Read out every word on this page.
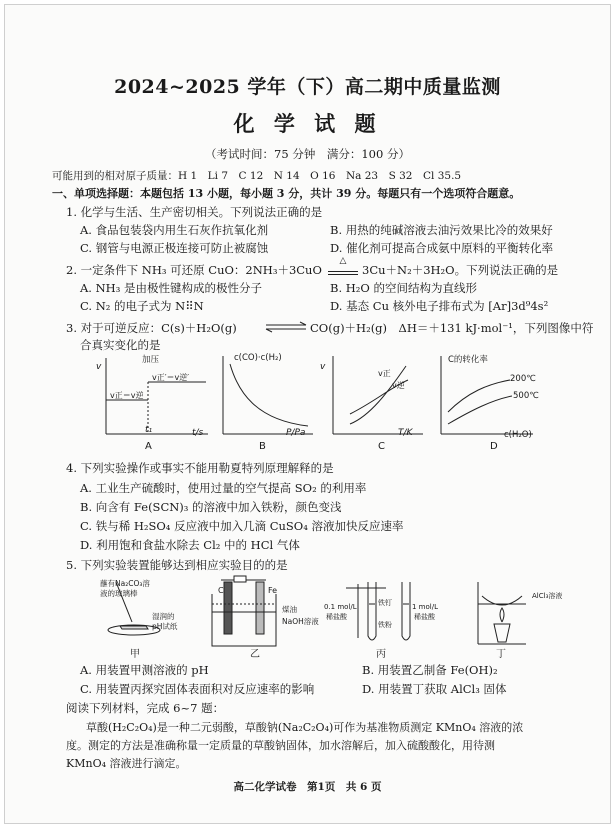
2024~2025 学年（下）高二期中质量监测
化 学 试 题
（考试时间：75 分钟　满分：100 分）
可能用到的相对原子质量：H 1　Li 7　C 12　N 14　O 16　Na 23　S 32　Cl 35.5
一、单项选择题：本题包括 13 小题，每小题 3 分，共计 39 分。每题只有一个选项符合题意。
1. 化学与生活、生产密切相关。下列说法正确的是
A. 食品包装袋内用生石灰作抗氧化剂	B. 用热的纯碱溶液去油污效果比冷的效果好
C. 钢管与电源正极连接可防止被腐蚀	D. 催化剂可提高合成氨中原料的平衡转化率
2. 一定条件下 NH₃ 可还原 CuO：2NH₃＋3CuO
△
3Cu＋N₂＋3H₂O。下列说法正确的是
A. NH₃ 是由极性键构成的极性分子	B. H₂O 的空间结构为直线形
C. N₂ 的电子式为 N⠿N	D. 基态 Cu 核外电子排布式为 [Ar]3d⁹4s²
3. 对于可逆反应：C(s)＋H₂O(g)	CO(g)＋H₂(g)　ΔH＝＋131 kJ·mol⁻¹，下列图像中符
合真实变化的是
v
加压
v正＝v逆
v正′＝v逆′
t₁	t/s
A
c(CO)·c(H₂)
P/Pa
B
v
v正
v逆
T/K
C
C的转化率
200℃
500℃
c(H₂O)
D
4. 下列实验操作或事实不能用勒夏特列原理解释的是
A. 工业生产硫酸时，使用过量的空气提高 SO₂ 的利用率
B. 向含有 Fe(SCN)₃ 的溶液中加入铁粉，颜色变浅
C. 铁与稀 H₂SO₄ 反应液中加入几滴 CuSO₄ 溶液加快反应速率
D. 利用饱和食盐水除去 Cl₂ 中的 HCl 气体
5. 下列实验装置能够达到相应实验目的的是
蘸有Na₂CO₃溶
液的玻璃棒
湿润的
pH试纸
C	Fe
煤油
NaOH溶液
0.1 mol/L
稀盐酸
铁钉
铁粉
1 mol/L
稀盐酸
AlCl₃溶液
甲	乙	丙	丁
A. 用装置甲测溶液的 pH	B. 用装置乙制备 Fe(OH)₂
C. 用装置丙探究固体表面积对反应速率的影响	D. 用装置丁获取 AlCl₃ 固体
阅读下列材料，完成 6~7 题：
草酸(H₂C₂O₄)是一种二元弱酸，草酸钠(Na₂C₂O₄)可作为基准物质测定 KMnO₄ 溶液的浓
度。测定的方法是准确称量一定质量的草酸钠固体，加水溶解后，加入硫酸酸化，用待测
KMnO₄ 溶液进行滴定。
高二化学试卷　第1页　共 6 页
